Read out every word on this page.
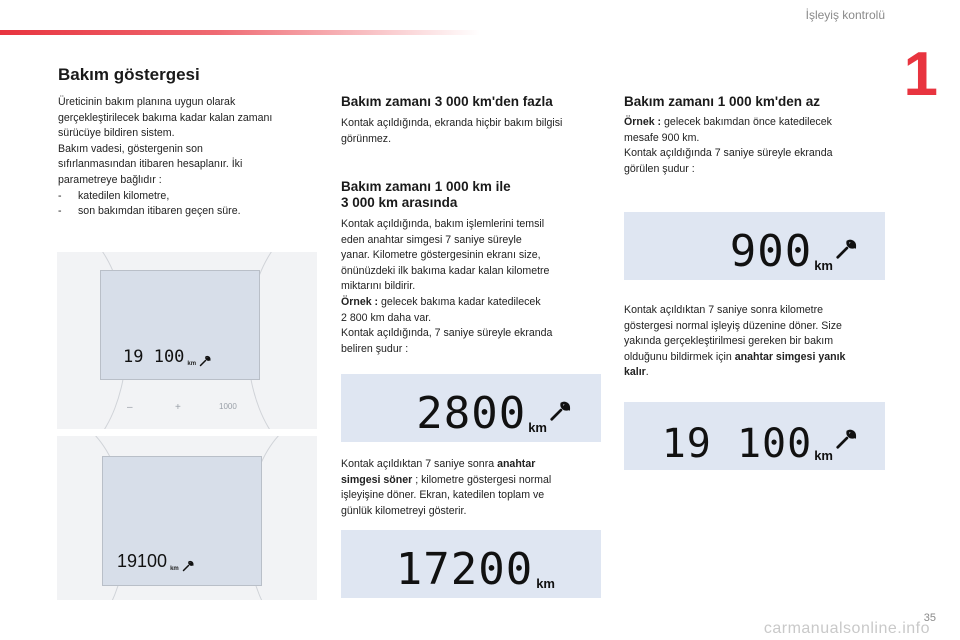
İşleyiş kontrolü
1
Bakım göstergesi
Üreticinin bakım planına uygun olarak
gerçekleştirilecek bakıma kadar kalan zamanı
sürücüye bildiren sistem.
Bakım vadesi, göstergenin son
sıfırlanmasından itibaren hesaplanır. İki
parametreye bağlıdır :
- katedilen kilometre,
- son bakımdan itibaren geçen süre.
19 100 km
–	+	1000
19100 km
Bakım zamanı 3 000 km'den fazla
Kontak açıldığında, ekranda hiçbir bakım bilgisi
görünmez.
Bakım zamanı 1 000 km ile
3 000 km arasında
Kontak açıldığında, bakım işlemlerini temsil
eden anahtar simgesi 7 saniye süreyle
yanar. Kilometre göstergesinin ekranı size,
önünüzdeki ilk bakıma kadar kalan kilometre
miktarını bildirir.
Örnek : gelecek bakıma kadar katedilecek
2 800 km daha var.
Kontak açıldığında, 7 saniye süreyle ekranda
beliren şudur :
2800 km
Kontak açıldıktan 7 saniye sonra anahtar
simgesi söner ; kilometre göstergesi normal
işleyişine döner. Ekran, katedilen toplam ve
günlük kilometreyi gösterir.
17200 km
Bakım zamanı 1 000 km'den az
Örnek : gelecek bakımdan önce katedilecek
mesafe 900 km.
Kontak açıldığında 7 saniye süreyle ekranda
görülen şudur :
900 km
Kontak açıldıktan 7 saniye sonra kilometre
göstergesi normal işleyiş düzenine döner. Size
yakında gerçekleştirilmesi gereken bir bakım
olduğunu bildirmek için anahtar simgesi yanık
kalır.
19 100 km
35
carmanualsonline.info
